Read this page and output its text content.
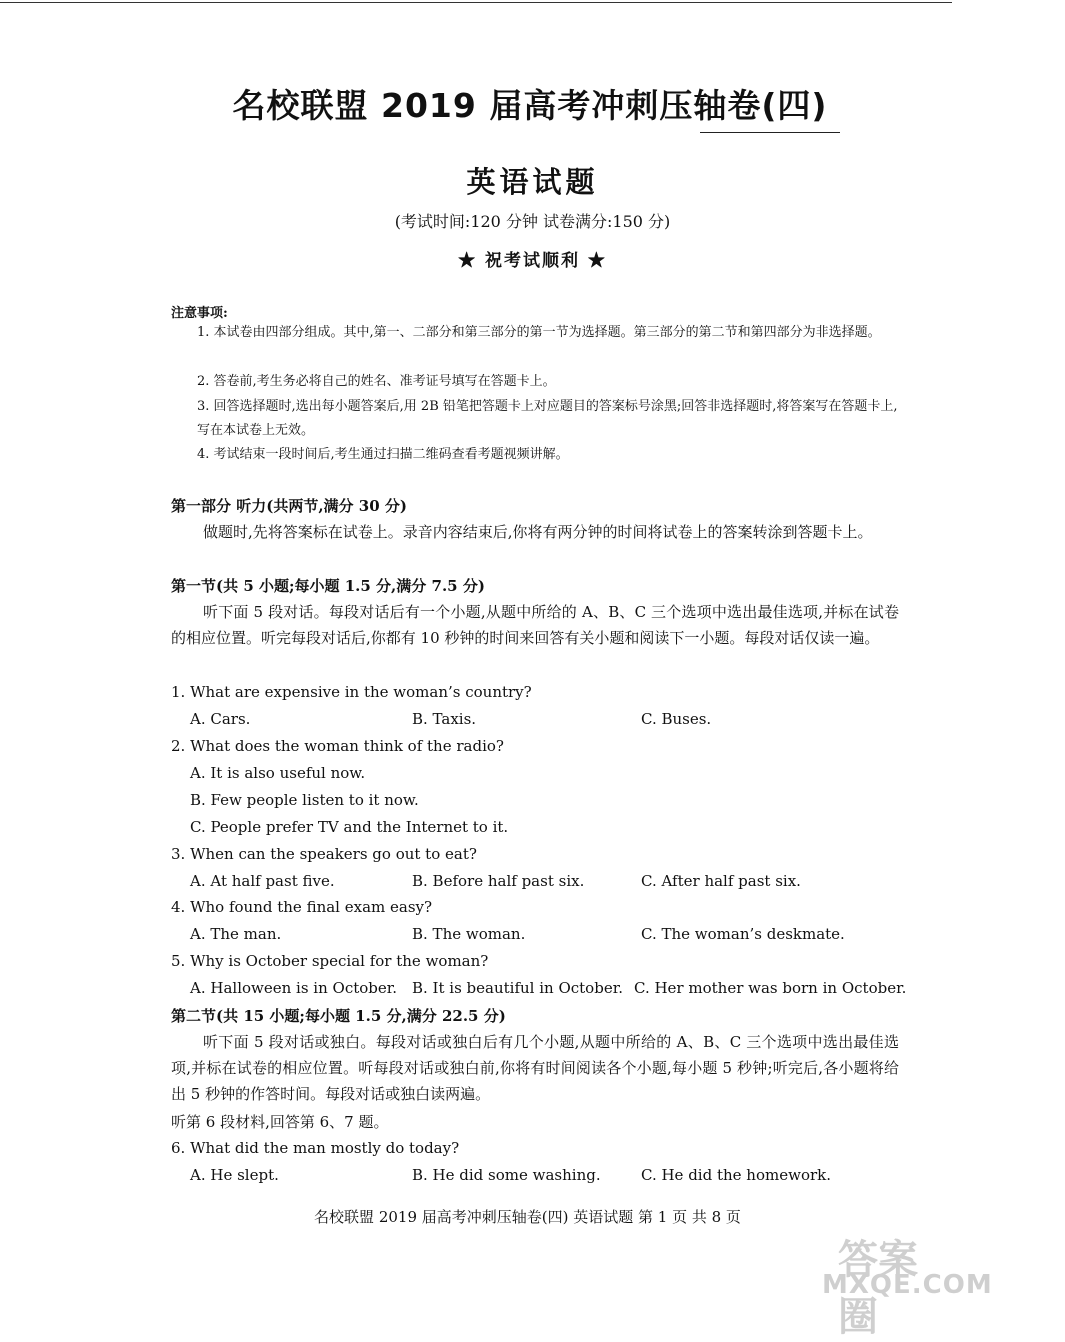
名校联盟 2019 届高考冲刺压轴卷(四)
英语试题
(考试时间:120 分钟 试卷满分:150 分)
★ 祝考试顺利 ★
注意事项:
1. 本试卷由四部分组成。其中,第一、二部分和第三部分的第一节为选择题。第三部分的第二节和第四部分为非选择题。
2. 答卷前,考生务必将自己的姓名、准考证号填写在答题卡上。
3. 回答选择题时,选出每小题答案后,用 2B 铅笔把答题卡上对应题目的答案标号涂黑;回答非选择题时,将答案写在答题卡上,写在本试卷上无效。
4. 考试结束一段时间后,考生通过扫描二维码查看考题视频讲解。
第一部分 听力(共两节,满分 30 分)
做题时,先将答案标在试卷上。录音内容结束后,你将有两分钟的时间将试卷上的答案转涂到答题卡上。
第一节(共 5 小题;每小题 1.5 分,满分 7.5 分)
听下面 5 段对话。每段对话后有一个小题,从题中所给的 A、B、C 三个选项中选出最佳选项,并标在试卷的相应位置。听完每段对话后,你都有 10 秒钟的时间来回答有关小题和阅读下一小题。每段对话仅读一遍。
1. What are expensive in the woman’s country?
A. Cars.	B. Taxis.	C. Buses.
2. What does the woman think of the radio?
A. It is also useful now.
B. Few people listen to it now.
C. People prefer TV and the Internet to it.
3. When can the speakers go out to eat?
A. At half past five.	B. Before half past six.	C. After half past six.
4. Who found the final exam easy?
A. The man.	B. The woman.	C. The woman’s deskmate.
5. Why is October special for the woman?
A. Halloween is in October. B. It is beautiful in October. C. Her mother was born in October.
第二节(共 15 小题;每小题 1.5 分,满分 22.5 分)
听下面 5 段对话或独白。每段对话或独白后有几个小题,从题中所给的 A、B、C 三个选项中选出最佳选项,并标在试卷的相应位置。听每段对话或独白前,你将有时间阅读各个小题,每小题 5 秒钟;听完后,各小题将给出 5 秒钟的作答时间。每段对话或独白读两遍。
听第 6 段材料,回答第 6、7 题。
6. What did the man mostly do today?
A. He slept.	B. He did some washing.	C. He did the homework.
名校联盟 2019 届高考冲刺压轴卷(四) 英语试题 第 1 页 共 8 页
答案圈
MXQE.COM
